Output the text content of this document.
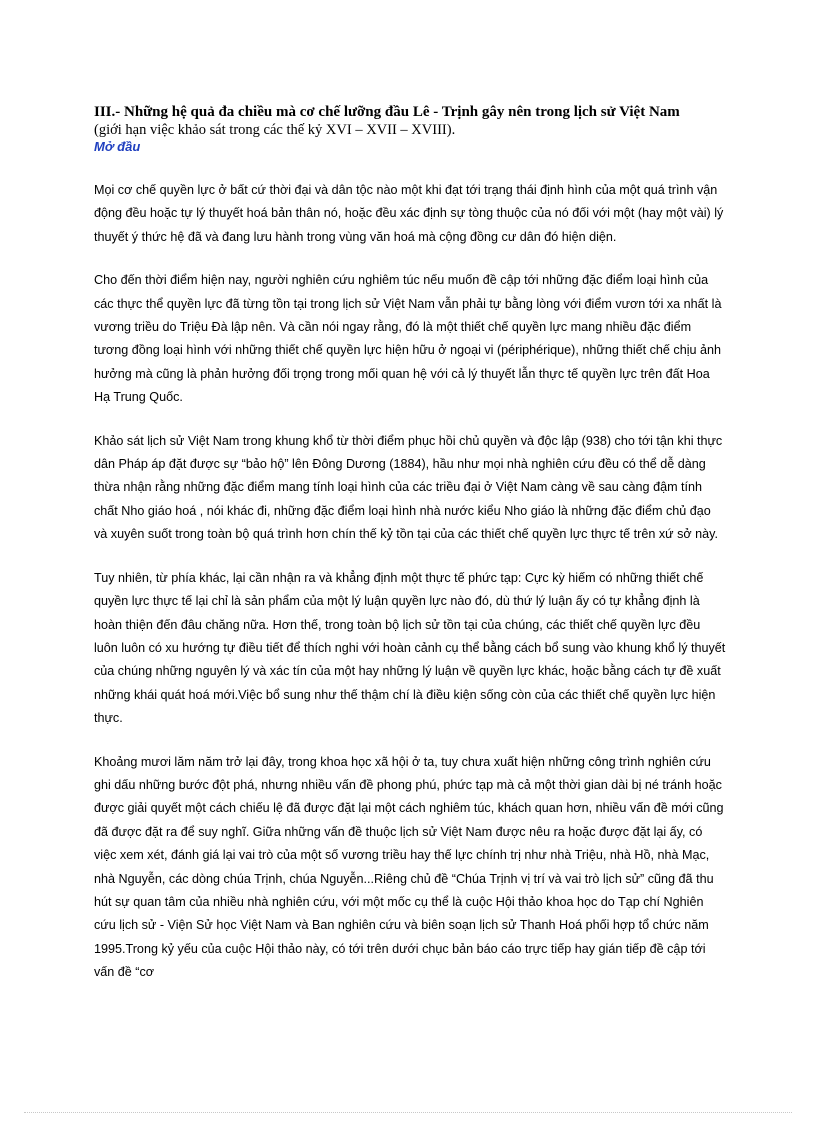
III.- Những hệ quả đa chiều mà cơ chế lưỡng đầu Lê - Trịnh gây nên trong lịch sử Việt Nam

(giới hạn việc khảo sát trong các thế kỷ XVI – XVII – XVIII).

Mở đầu

Mọi cơ chế quyền lực ở bất cứ thời đại và dân tộc nào một khi đạt tới trạng thái định hình của một quá trình vận động đều hoặc tự lý thuyết hoá bản thân nó, hoặc đều xác định sự tòng thuộc của nó đối với một (hay một vài) lý thuyết ý thức hệ đã và đang lưu hành trong vùng văn hoá mà cộng đồng cư dân đó hiện diện.

Cho đến thời điểm hiện nay, người nghiên cứu nghiêm túc nếu muốn đề cập tới những đặc điểm loại hình của các thực thể quyền lực đã từng tồn tại trong lịch sử Việt Nam vẫn phải tự bằng lòng với điểm vươn tới xa nhất là vương triều do Triệu Đà lập nên. Và cần nói ngay rằng, đó là một thiết chế quyền lực mang nhiều đặc điểm tương đồng loại hình với những thiết chế quyền lực hiện hữu ở ngoại vi (périphérique), những thiết chế chịu ảnh hưởng mà cũng là phản hưởng đối trọng trong mối quan hệ với cả lý thuyết lẫn thực tế quyền lực trên đất Hoa Hạ Trung Quốc.

Khảo sát lịch sử Việt Nam trong khung khổ từ thời điểm phục hồi chủ quyền và độc lập (938) cho tới tận khi thực dân Pháp áp đặt được sự “bảo hộ” lên Đông Dương (1884), hầu như mọi nhà nghiên cứu đều có thể dễ dàng thừa nhận rằng những đặc điểm mang tính loại hình của các triều đại ở Việt Nam càng về sau càng đậm tính chất Nho giáo hoá , nói khác đi, những đặc điểm loại hình nhà nước kiểu Nho giáo là những đặc điểm chủ đạo và xuyên suốt trong toàn bộ quá trình hơn chín thế kỷ tồn tại của các thiết chế quyền lực thực tế trên xứ sở này.

Tuy nhiên, từ phía khác, lại cần nhận ra và khẳng định một thực tế phức tạp: Cực kỳ hiếm có những thiết chế quyền lực thực tế lại chỉ là sản phẩm của một lý luận quyền lực nào đó, dù thứ lý luận ấy có tự khẳng định là hoàn thiện đến đâu chăng nữa. Hơn thế, trong toàn bộ lịch sử tồn tại của chúng, các thiết chế quyền lực đều luôn luôn có xu hướng tự điều tiết để thích nghi với hoàn cảnh cụ thể bằng cách bổ sung vào khung khổ lý thuyết của chúng những nguyên lý và xác tín của một hay những lý luận về quyền lực khác, hoặc bằng cách tự đề xuất những khái quát hoá mới.Việc bổ sung như thế thậm chí là điều kiện sống còn của các thiết chế quyền lực hiện thực.

Khoảng mươi lăm năm trở lại đây, trong khoa học xã hội ở ta, tuy chưa xuất hiện những công trình nghiên cứu ghi dấu những bước đột phá, nhưng nhiều vấn đề phong phú, phức tạp mà cả một thời gian dài bị né tránh hoặc được giải quyết một cách chiếu lệ đã được đặt lại một cách nghiêm túc, khách quan hơn, nhiều vấn đề mới cũng đã được đặt ra để suy nghĩ. Giữa những vấn đề thuộc lịch sử Việt Nam được nêu ra hoặc được đặt lại ấy, có việc xem xét, đánh giá lại vai trò của một số vương triều hay thế lực chính trị như nhà Triệu, nhà Hồ, nhà Mạc, nhà Nguyễn, các dòng chúa Trịnh, chúa Nguyễn...Riêng chủ đề “Chúa Trịnh vị trí và vai trò lịch sử” cũng đã thu hút sự quan tâm của nhiều nhà nghiên cứu, với một mốc cụ thể là cuộc Hội thảo khoa học do Tạp chí Nghiên cứu lịch sử - Viện Sử học Việt Nam và Ban nghiên cứu và biên soạn lịch sử Thanh Hoá phối hợp tổ chức năm 1995.Trong kỷ yếu của cuộc Hội thảo này, có tới trên dưới chục bản báo cáo trực tiếp hay gián tiếp đề cập tới vấn đề “cơ
